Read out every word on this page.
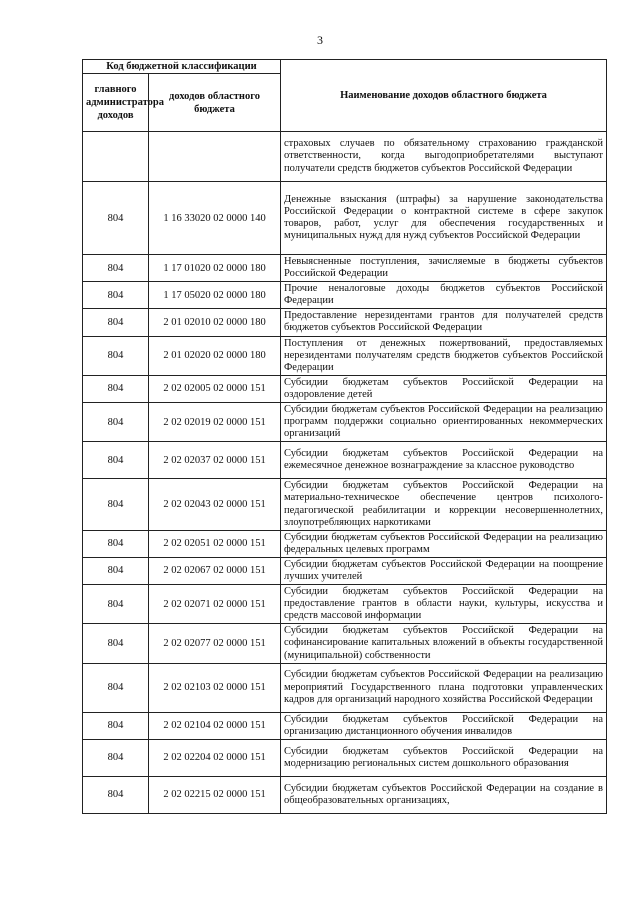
3
Код бюджетной классификации		Наименование доходов областного бюджета
главного администратора доходов	доходов областного бюджета	
		страховых случаев по обязательному страхованию гражданской ответственности, когда выгодоприобретателями выступают получатели средств бюджетов субъектов Российской Федерации
804	1 16 33020 02 0000 140	Денежные взыскания (штрафы) за нарушение законодательства Российской Федерации о контрактной системе в сфере закупок товаров, работ, услуг для обеспечения государственных и муниципальных нужд для нужд субъектов Российской Федерации
804	1 17 01020 02 0000 180	Невыясненные поступления, зачисляемые в бюджеты субъектов Российской Федерации
804	1 17 05020 02 0000 180	Прочие неналоговые доходы бюджетов субъектов Российской Федерации
804	2 01 02010 02 0000 180	Предоставление нерезидентами грантов для получателей средств бюджетов субъектов Российской Федерации
804	2 01 02020 02 0000 180	Поступления от денежных пожертвований, предоставляемых нерезидентами получателям средств бюджетов субъектов Российской Федерации
804	2 02 02005 02 0000 151	Субсидии бюджетам субъектов Российской Федерации на оздоровление детей
804	2 02 02019 02 0000 151	Субсидии бюджетам субъектов Российской Федерации на реализацию программ поддержки социально ориентированных некоммерческих организаций
804	2 02 02037 02 0000 151	Субсидии бюджетам субъектов Российской Федерации на ежемесячное денежное вознаграждение за классное руководство
804	2 02 02043 02 0000 151	Субсидии бюджетам субъектов Российской Федерации на материально-техническое обеспечение центров психолого-педагогической реабилитации и коррекции несовершеннолетних, злоупотребляющих наркотиками
804	2 02 02051 02 0000 151	Субсидии бюджетам субъектов Российской Федерации на реализацию федеральных целевых программ
804	2 02 02067 02 0000 151	Субсидии бюджетам субъектов Российской Федерации на поощрение лучших учителей
804	2 02 02071 02 0000 151	Субсидии бюджетам субъектов Российской Федерации на предоставление грантов в области науки, культуры, искусства и средств массовой информации
804	2 02 02077 02 0000 151	Субсидии бюджетам субъектов Российской Федерации на софинансирование капитальных вложений в объекты государственной (муниципальной) собственности
804	2 02 02103 02 0000 151	Субсидии бюджетам субъектов Российской Федерации на реализацию мероприятий Государственного плана подготовки управленческих кадров для организаций народного хозяйства Российской Федерации
804	2 02 02104 02 0000 151	Субсидии бюджетам субъектов Российской Федерации на организацию дистанционного обучения инвалидов
804	2 02 02204 02 0000 151	Субсидии бюджетам субъектов Российской Федерации на модернизацию региональных систем дошкольного образования
804	2 02 02215 02 0000 151	Субсидии бюджетам субъектов Российской Федерации на создание в общеобразовательных организациях,
